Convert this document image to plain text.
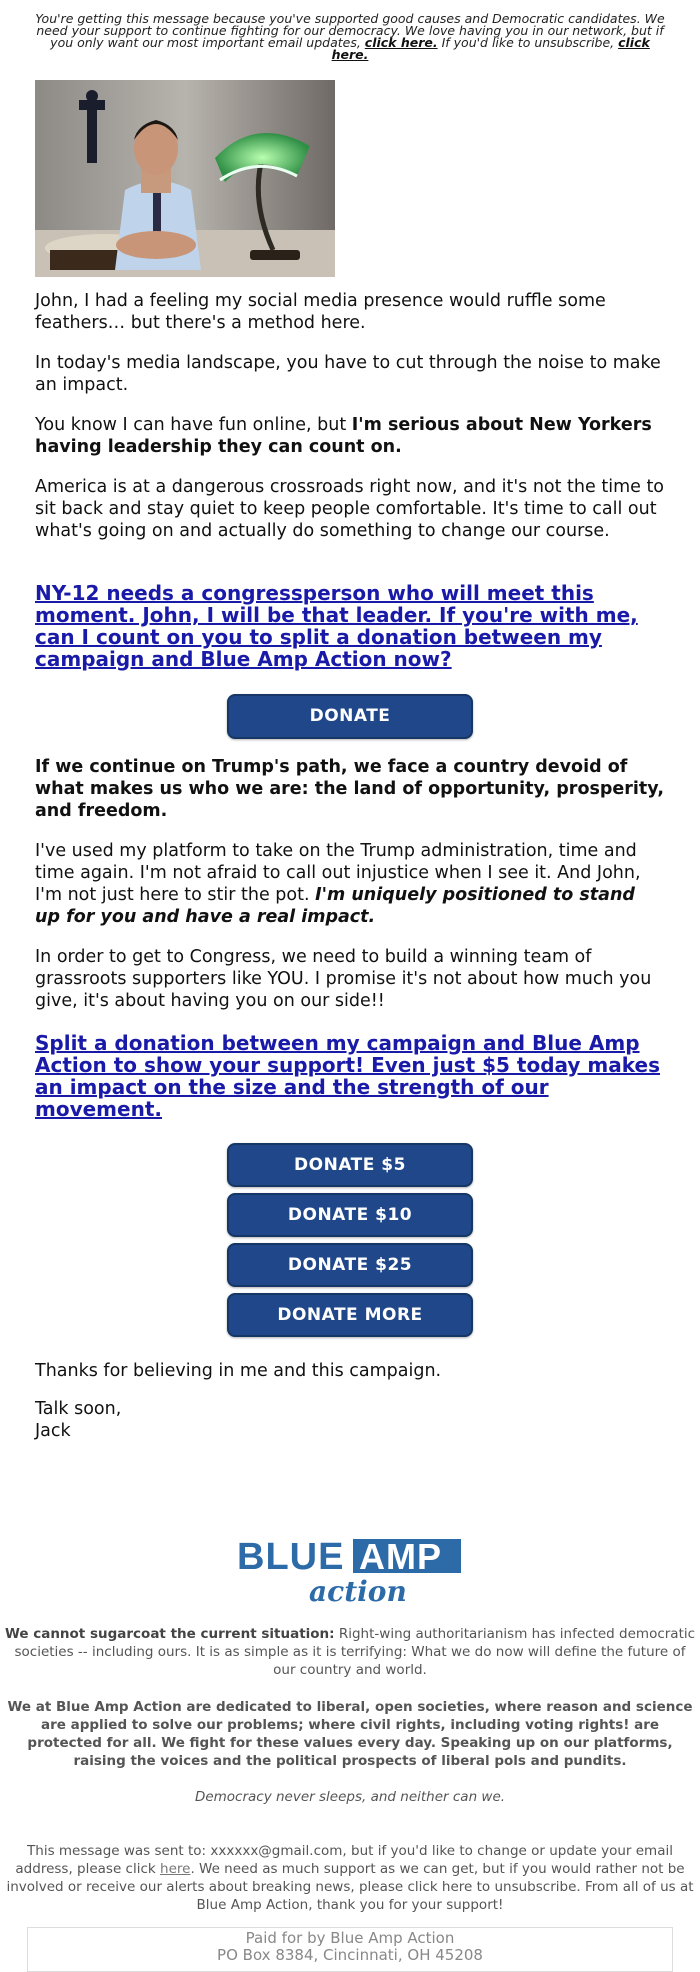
You're getting this message because you've supported good causes and Democratic candidates. We need your support to continue fighting for our democracy. We love having you in our network, but if you only want our most important email updates, click here. If you'd like to unsubscribe, click here.

John, I had a feeling my social media presence would ruffle some feathers… but there's a method here.

In today's media landscape, you have to cut through the noise to make an impact.

You know I can have fun online, but I'm serious about New Yorkers having leadership they can count on.

America is at a dangerous crossroads right now, and it's not the time to sit back and stay quiet to keep people comfortable. It's time to call out what's going on and actually do something to change our course.

NY-12 needs a congressperson who will meet this moment. John, I will be that leader. If you're with me, can I count on you to split a donation between my campaign and Blue Amp Action now?
DONATE

If we continue on Trump's path, we face a country devoid of what makes us who we are: the land of opportunity, prosperity, and freedom.

I've used my platform to take on the Trump administration, time and time again. I'm not afraid to call out injustice when I see it. And John, I'm not just here to stir the pot. I'm uniquely positioned to stand up for you and have a real impact.

In order to get to Congress, we need to build a winning team of grassroots supporters like YOU. I promise it's not about how much you give, it's about having you on our side!!

Split a donation between my campaign and Blue Amp Action to show your support! Even just $5 today makes an impact on the size and the strength of our movement.
DONATE $5
DONATE $10
DONATE $25
DONATE MORE

Thanks for believing in me and this campaign.

Talk soon,

Jack

BLUE AMP
action
We cannot sugarcoat the current situation: Right-wing authoritarianism has infected democratic societies -- including ours. It is as simple as it is terrifying: What we do now will define the future of our country and world.
We at Blue Amp Action are dedicated to liberal, open societies, where reason and science are applied to solve our problems; where civil rights, including voting rights! are protected for all. We fight for these values every day. Speaking up on our platforms, raising the voices and the political prospects of liberal pols and pundits.
Democracy never sleeps, and neither can we.
This message was sent to: xxxxxx@gmail.com, but if you'd like to change or update your email address, please click here. We need as much support as we can get, but if you would rather not be involved or receive our alerts about breaking news, please click here to unsubscribe. From all of us at Blue Amp Action, thank you for your support!
Paid for by Blue Amp Action
PO Box 8384, Cincinnati, OH 45208
